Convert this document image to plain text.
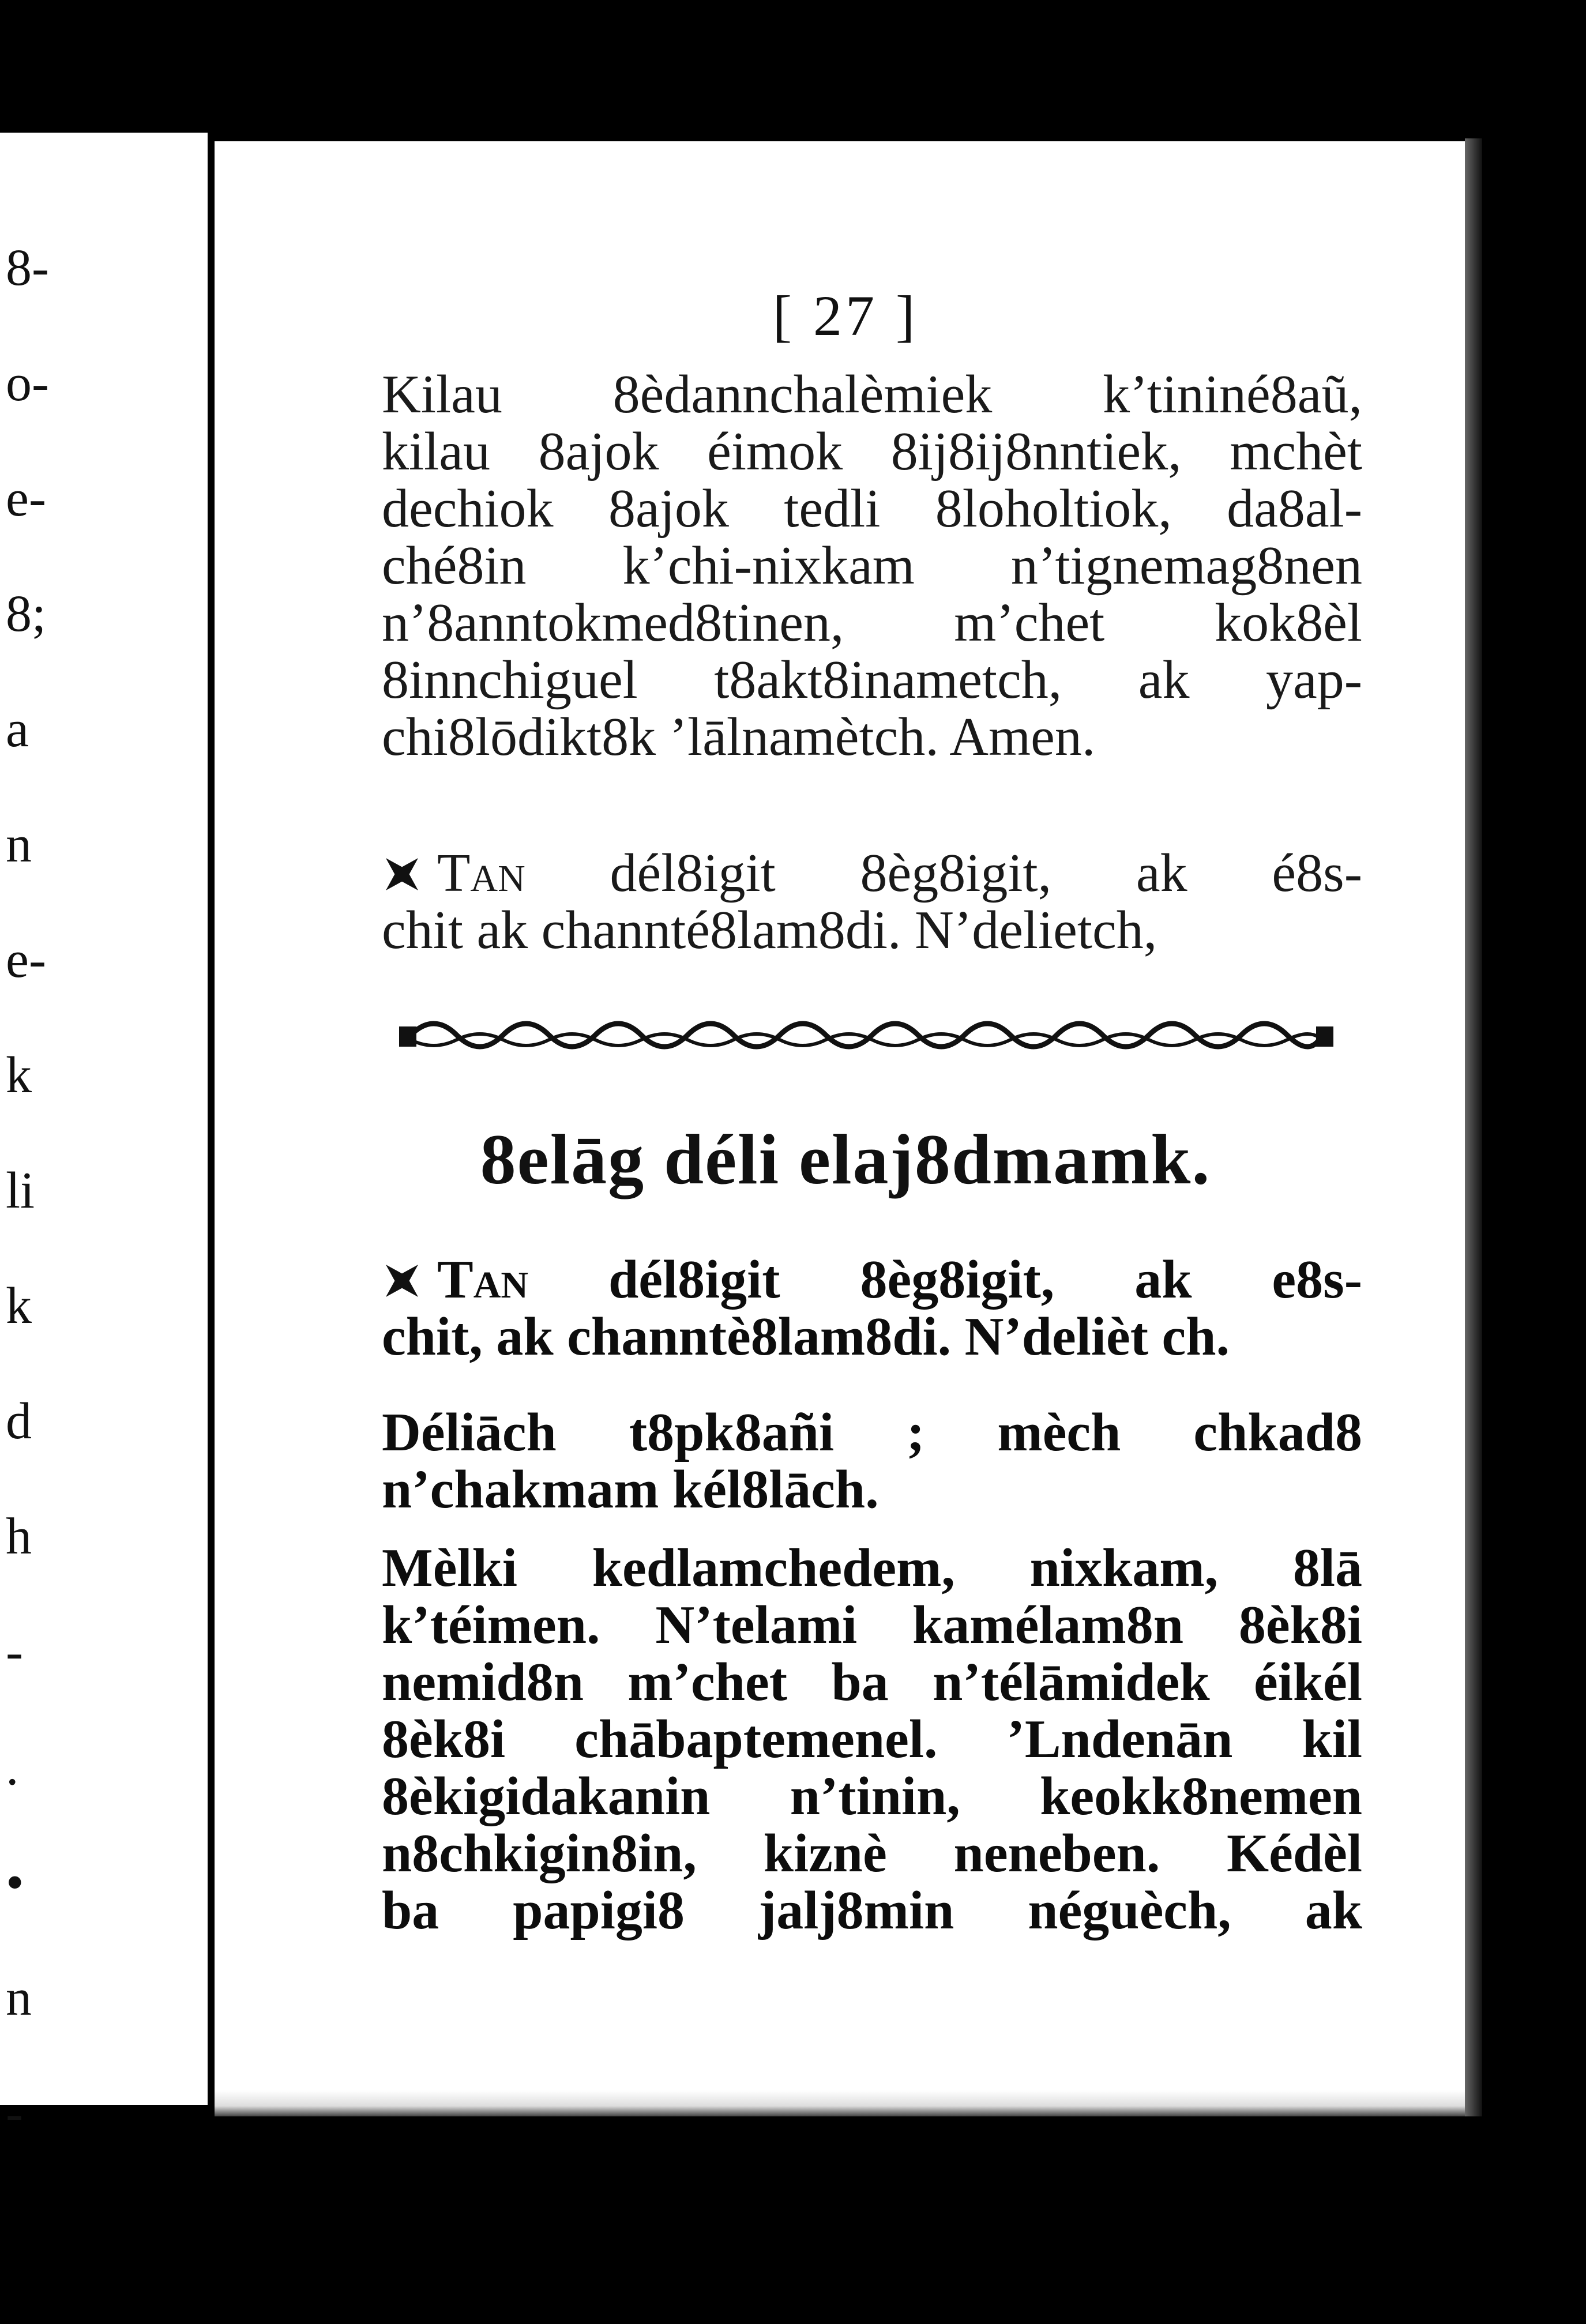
8-
o-
e-
8;
a
n
e-
k
li
k
d
h
-
.
•
n
-
[ 27 ]
Kilau 8èdannchalèmiek k’tininé8aũ,
kilau 8ajok éimok 8ij8ij8nntiek, mchèt
dechiok 8ajok tedli 8loholtiok, da8al-
ché8in k’chi-nixkam n’tignemag8nen
n’8anntokmed8tinen, m’chet kok8èl
8innchiguel t8akt8inametch, ak yap-
chi8lōdikt8k ’lālnamètch. Amen.
Tan dél8igit 8èg8igit, ak é8s-
chit ak channté8lam8di. N’delietch,
8elāg déli elaj8dmamk.
Tan dél8igit 8èg8igit, ak e8s-
chit, ak channtè8lam8di. N’delièt ch.
Déliāch t8pk8añi ; mèch chkad8
n’chakmam kél8lāch.
Mèlki kedlamchedem, nixkam, 8lā
k’téimen. N’telami kamélam8n 8èk8i
nemid8n m’chet ba n’télāmidek éikél
8èk8i chābaptemenel. ’Lndenān kil
8èkigidakanin n’tinin, keokk8nemen
n8chkigin8in, kiznè neneben. Kédèl
ba papigi8 jalj8min néguèch, ak
